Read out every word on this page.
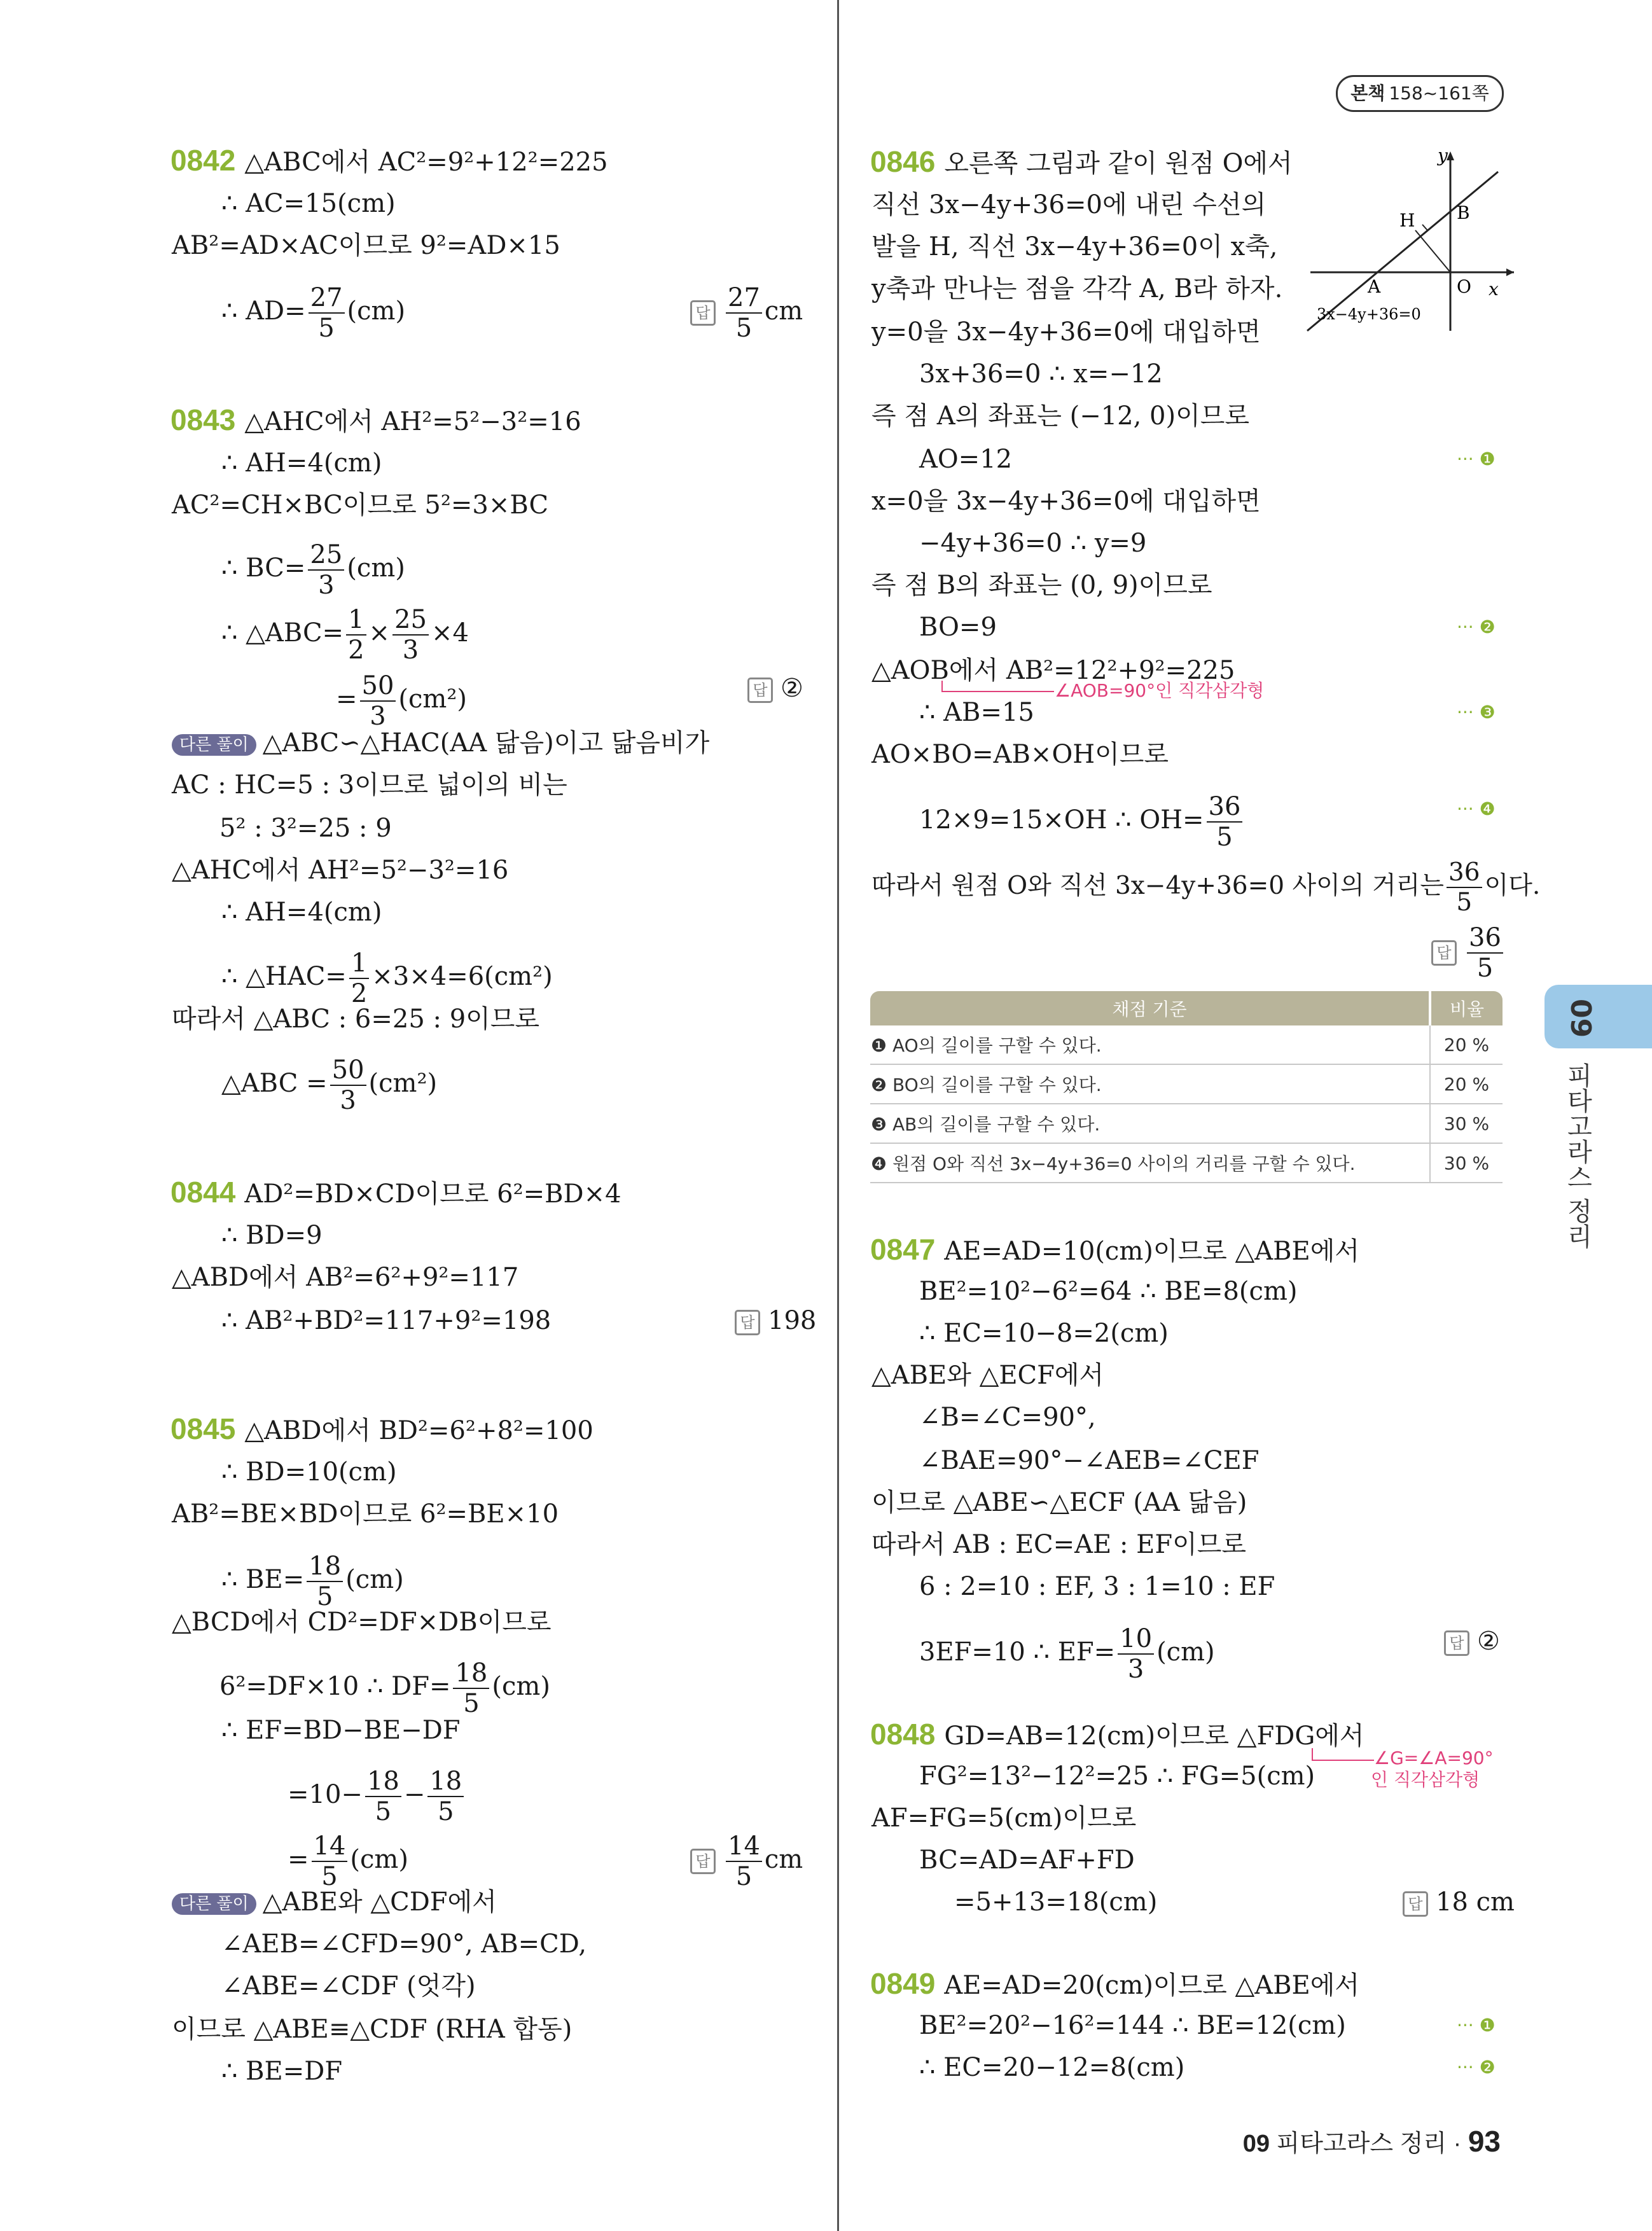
본책 158~161쪽
09
피타고라스 정리
0842 △ABC에서 AC²=9²+12²=225
∴ AC=15(cm)
AB²=AD×AC이므로 9²=AD×15
∴ $AD= \frac{27}{5} (cm)$	답 $\frac{27}{5}$ cm
0843 △AHC에서 AH²=5²−3²=16
∴ AH=4(cm)
AC²=CH×BC이므로 5²=3×BC
∴ $BC= \frac{25}{3} (cm)$
∴ △ABC= $\frac{1}{2} \times \frac{25}{3} \times 4$
= $\frac{50}{3} (cm^2)$	답 ②
다른 풀이 △ABC∽△HAC(AA 닮음)이고 닮음비가
AC : HC=5 : 3이므로 넓이의 비는
5² : 3²=25 : 9
△AHC에서 AH²=5²−3²=16
∴ AH=4(cm)
∴ △HAC= $\frac{1}{2} \times 3\times 4=6(cm^2)$
따라서 △ABC : 6=25 : 9이므로
△ABC = $\frac{50}{3} (cm^2)$
0844 AD²=BD×CD이므로 6²=BD×4
∴ BD=9
△ABD에서 AB²=6²+9²=117
∴ AB²+BD²=117+9²=198	답 198
0845 △ABD에서 BD²=6²+8²=100
∴ BD=10(cm)
AB²=BE×BD이므로 6²=BE×10
∴ $BE= \frac{18}{5} (cm)$
△BCD에서 CD²=DF×DB이므로
6²=DF×10 ∴ $DF= \frac{18}{5} (cm)$
∴ EF=BD−BE−DF
$=10- \frac{18}{5} - \frac{18}{5}$
= $\frac{14}{5} (cm)$	답 $\frac{14}{5}$ cm
다른 풀이 △ABE와 △CDF에서
∠AEB=∠CFD=90°, AB=CD,
∠ABE=∠CDF (엇각)
이므로 △ABE≡△CDF (RHA 합동)
∴ BE=DF
0846 오른쪽 그림과 같이 원점 O에서
직선 3x−4y+36=0에 내린 수선의
발을 H, 직선 3x−4y+36=0이 x축,
y축과 만나는 점을 각각 A, B라 하자.
y
x
H B
A	O
3x−4y+36=0
y=0을 3x−4y+36=0에 대입하면
3x+36=0 ∴ x=−12
즉 점 A의 좌표는 (−12, 0)이므로
AO=12	··· ❶
x=0을 3x−4y+36=0에 대입하면
−4y+36=0 ∴ y=9
즉 점 B의 좌표는 (0, 9)이므로
BO=9	··· ❷
△AOB에서 AB²=12²+9²=225
∠AOB=90°인 직각삼각형
∴ AB=15	··· ❸
AO×BO=AB×OH이므로
12×9=15×OH ∴ $OH= \frac{36}{5}$	··· ❹
따라서 원점 O와 직선 3x−4y+36=0 사이의 거리는 $\frac{36}{5}$ 이다.
답 $\frac{36}{5}$
채점 기준	비율
❶ AO의 길이를 구할 수 있다.	20 %
❷ BO의 길이를 구할 수 있다.	20 %
❸ AB의 길이를 구할 수 있다.	30 %
❹ 원점 O와 직선 3x−4y+36=0 사이의 거리를 구할 수 있다.	30 %
0847 AE=AD=10(cm)이므로 △ABE에서
BE²=10²−6²=64 ∴ BE=8(cm)
∴ EC=10−8=2(cm)
△ABE와 △ECF에서
∠B=∠C=90°,
∠BAE=90°−∠AEB=∠CEF
이므로 △ABE∽△ECF (AA 닮음)
따라서 AB : EC=AE : EF이므로
6 : 2=10 : EF, 3 : 1=10 : EF
3EF=10 ∴ $EF= \frac{10}{3} (cm)$	답 ②
0848 GD=AB=12(cm)이므로 △FDG에서
∠G=∠A=90°
인 직각삼각형
FG²=13²−12²=25 ∴ FG=5(cm)
AF=FG=5(cm)이므로
BC=AD=AF+FD
=5+13=18(cm)	답 18 cm
0849 AE=AD=20(cm)이므로 △ABE에서
BE²=20²−16²=144 ∴ BE=12(cm)	··· ❶
∴ EC=20−12=8(cm)	··· ❷
09 피타고라스 정리 · 93
